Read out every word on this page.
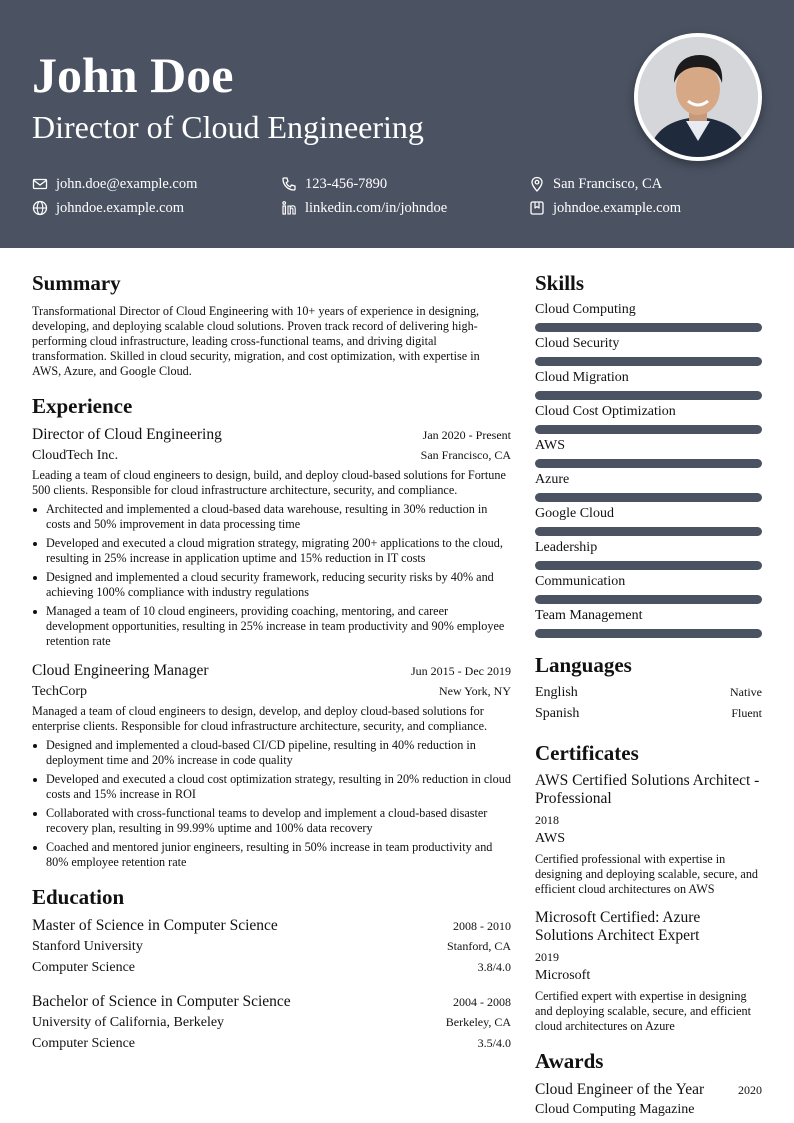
John Doe
Director of Cloud Engineering
john.doe@example.com	123-456-7890	San Francisco, CA
johndoe.example.com	linkedin.com/in/johndoe	johndoe.example.com
Summary
Transformational Director of Cloud Engineering with 10+ years of experience in designing, developing, and deploying scalable cloud solutions. Proven track record of delivering high-performing cloud infrastructure, leading cross-functional teams, and driving digital transformation. Skilled in cloud security, migration, and cost optimization, with expertise in AWS, Azure, and Google Cloud.
Experience
Director of Cloud Engineering	Jan 2020 - Present
CloudTech Inc.	San Francisco, CA
Leading a team of cloud engineers to design, build, and deploy cloud-based solutions for Fortune 500 clients. Responsible for cloud infrastructure architecture, security, and compliance.
Architected and implemented a cloud-based data warehouse, resulting in 30% reduction in costs and 50% improvement in data processing time
Developed and executed a cloud migration strategy, migrating 200+ applications to the cloud, resulting in 25% increase in application uptime and 15% reduction in IT costs
Designed and implemented a cloud security framework, reducing security risks by 40% and achieving 100% compliance with industry regulations
Managed a team of 10 cloud engineers, providing coaching, mentoring, and career development opportunities, resulting in 25% increase in team productivity and 90% employee retention rate
Cloud Engineering Manager	Jun 2015 - Dec 2019
TechCorp	New York, NY
Managed a team of cloud engineers to design, develop, and deploy cloud-based solutions for enterprise clients. Responsible for cloud infrastructure architecture, security, and compliance.
Designed and implemented a cloud-based CI/CD pipeline, resulting in 40% reduction in deployment time and 20% increase in code quality
Developed and executed a cloud cost optimization strategy, resulting in 20% reduction in cloud costs and 15% increase in ROI
Collaborated with cross-functional teams to develop and implement a cloud-based disaster recovery plan, resulting in 99.99% uptime and 100% data recovery
Coached and mentored junior engineers, resulting in 50% increase in team productivity and 80% employee retention rate
Education
Master of Science in Computer Science	2008 - 2010
Stanford University	Stanford, CA
Computer Science	3.8/4.0
Bachelor of Science in Computer Science	2004 - 2008
University of California, Berkeley	Berkeley, CA
Computer Science	3.5/4.0
Skills
Cloud Computing
Cloud Security
Cloud Migration
Cloud Cost Optimization
AWS
Azure
Google Cloud
Leadership
Communication
Team Management
Languages
English	Native
Spanish	Fluent
Certificates
AWS Certified Solutions Architect - Professional
2018
AWS
Certified professional with expertise in designing and deploying scalable, secure, and efficient cloud architectures on AWS
Microsoft Certified: Azure Solutions Architect Expert
2019
Microsoft
Certified expert with expertise in designing and deploying scalable, secure, and efficient cloud architectures on Azure
Awards
Cloud Engineer of the Year	2020
Cloud Computing Magazine
